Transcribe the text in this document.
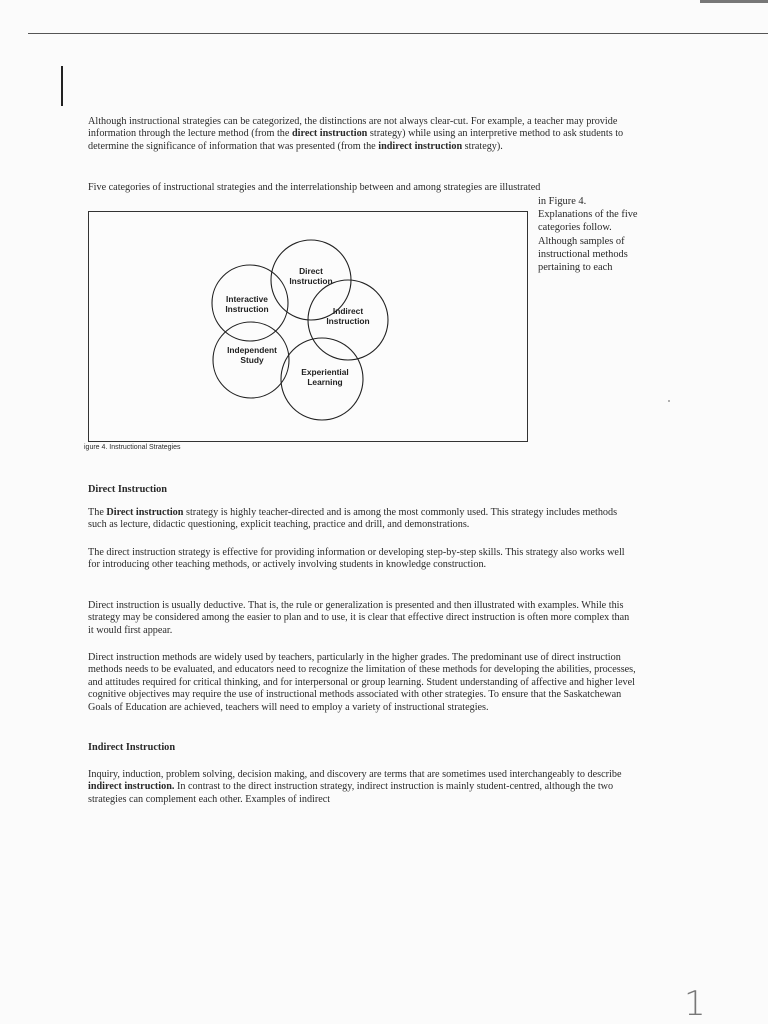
Although instructional strategies can be categorized, the distinctions are not always clear-cut. For example, a teacher may provide information through the lecture method (from the direct instruction strategy) while using an interpretive method to ask students to determine the significance of information that was presented (from the indirect instruction strategy).

Five categories of instructional strategies and the interrelationship between and among strategies are illustrated

in Figure 4.
Explanations of the five categories follow. Although samples of instructional methods pertaining to each
Direct
Instruction
Interactive
Instruction	Indirect
Instruction
Independent
Study
Experiential
Learning
igure 4. Instructional Strategies

Direct Instruction

The Direct instruction strategy is highly teacher-directed and is among the most commonly used. This strategy includes methods such as lecture, didactic questioning, explicit teaching, practice and drill, and demonstrations.

The direct instruction strategy is effective for providing information or developing step-by-step skills. This strategy also works well for introducing other teaching methods, or actively involving students in knowledge construction.

Direct instruction is usually deductive. That is, the rule or generalization is presented and then illustrated with examples. While this strategy may be considered among the easier to plan and to use, it is clear that effective direct instruction is often more complex than it would first appear.

Direct instruction methods are widely used by teachers, particularly in the higher grades. The predominant use of direct instruction methods needs to be evaluated, and educators need to recognize the limitation of these methods for developing the abilities, processes, and attitudes required for critical thinking, and for interpersonal or group learning. Student understanding of affective and higher level cognitive objectives may require the use of instructional methods associated with other strategies. To ensure that the Saskatchewan Goals of Education are achieved, teachers will need to employ a variety of instructional strategies.

Indirect Instruction

Inquiry, induction, problem solving, decision making, and discovery are terms that are sometimes used interchangeably to describe indirect instruction. In contrast to the direct instruction strategy, indirect instruction is mainly student-centred, although the two strategies can complement each other. Examples of indirect

1
